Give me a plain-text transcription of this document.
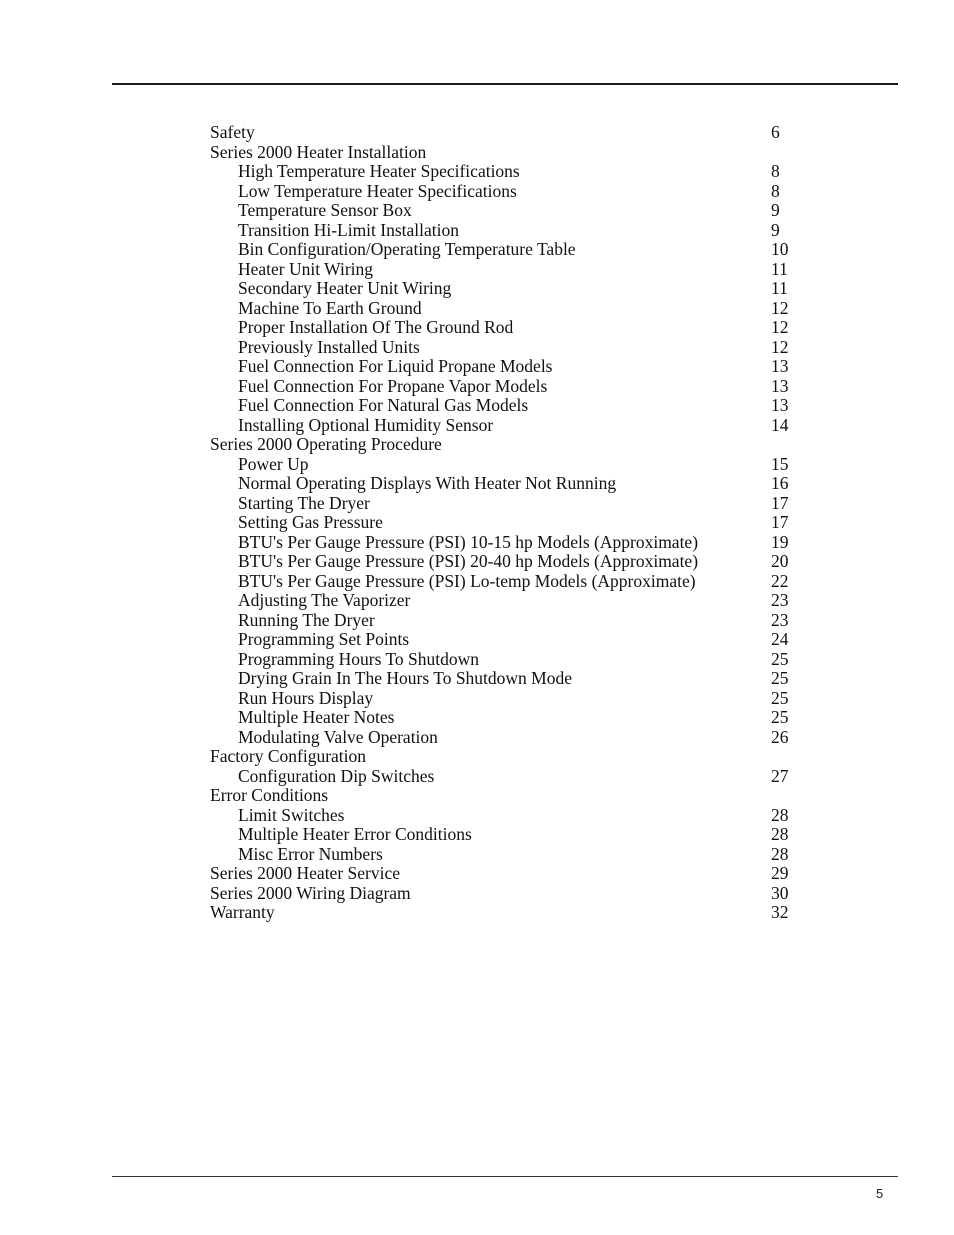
Safety	6
Series 2000 Heater Installation
High Temperature Heater Specifications	8
Low Temperature Heater Specifications	8
Temperature Sensor Box	9
Transition Hi-Limit Installation	9
Bin Configuration/Operating Temperature Table	10
Heater Unit Wiring	11
Secondary Heater Unit Wiring	11
Machine To Earth Ground	12
Proper Installation Of The Ground Rod	12
Previously Installed Units	12
Fuel Connection For Liquid Propane Models	13
Fuel Connection For Propane Vapor Models	13
Fuel Connection For Natural Gas Models	13
Installing Optional Humidity Sensor	14
Series 2000 Operating Procedure
Power Up	15
Normal Operating Displays With Heater Not Running	16
Starting The Dryer	17
Setting Gas Pressure	17
BTU's Per Gauge Pressure (PSI) 10-15 hp Models (Approximate)	19
BTU's Per Gauge Pressure (PSI) 20-40 hp Models (Approximate)	20
BTU's Per Gauge Pressure (PSI) Lo-temp Models (Approximate)	22
Adjusting The Vaporizer	23
Running The Dryer	23
Programming Set Points	24
Programming Hours To Shutdown	25
Drying Grain In The Hours To Shutdown Mode	25
Run Hours Display	25
Multiple Heater Notes	25
Modulating Valve Operation	26
Factory Configuration
Configuration Dip Switches	27
Error Conditions
Limit Switches	28
Multiple Heater Error Conditions	28
Misc Error Numbers	28
Series 2000 Heater Service	29
Series 2000 Wiring Diagram	30
Warranty	32
5
